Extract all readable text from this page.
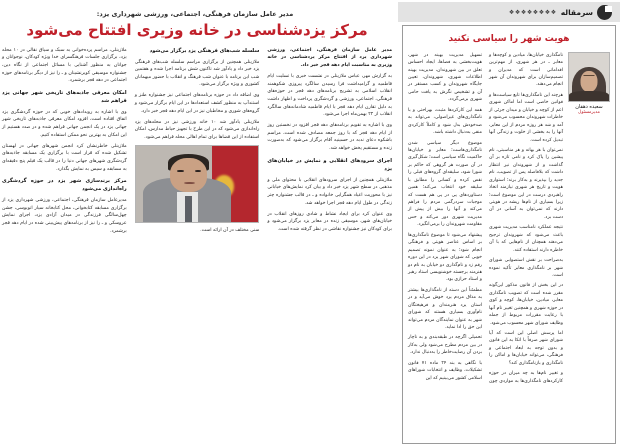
مدیر عامل سازمان فرهنگی، اجتماعی، ورزشی شهرداری یزد:
مرکز یزدشناسی در خانه وزیری افتتاح می‌شود

مدیر عامل سازمان فرهنگی، اجتماعی، ورزشی شهرداری یزد از افتتاح مرکز یزدشناسی در خانه وزیری به مناسبت ایام دهه فجر خبر داد.

به گزارش مهر، عباس ملازینلی در نشست خبری با تسلیت ایام فاطمیه و گرامیداشت فرا رسیدن سالگرد پیروزی شکوهمند انقلاب اسلامی به تشریح برنامه‌های دهه فجر در حوزه‌های فرهنگی، اجتماعی، ورزشی و گردشگری پرداخت و اظهار داشت به دلیل تقارن ایام دهه فجر با ایام فاطمیه شادمانه‌های سالگرد انقلاب از ۲۲ بهمن‌ماه اجرا می‌شود.

وی با اشاره به تقویم برنامه‌های دهه فجر افزود در نخستین روز از ایام دهه فجر که با روز جمعه مصادف شده است، مراسم باشکوه دعای ندبه در حسینیه آقام برگزار می‌شود که به‌صورت زنده و مستقیم پخش خواهد شد.

اجرای سرودهای انقلابی و نمایش در خیابان‌های یزد

ملازینلی همچنین از اجرای سرودهای انقلابی با محتوای ملی و مذهبی در سطح شهر یزد خبر داد و بیان کرد نمایش‌های خیابانی نیز با محوریت اعیاد همگرایی خانواده و ـ در قالب جشنواره چتر زندگی در طول ایام دهه فجر اجرا خواهد شد.

وی عنوان کرد برای ایجاد نشاط و شادی روزهای انقلاب در خیابان‌های شهر، موسیقی زنده در معابر یزد برگزار می‌شود و برای کودکان نیز جشنواره نقاشی در نظر گرفته شده است.

سلسله شب‌های فرهنگی یزد برگزار می‌شود

ملازینلی همچنین از برگزاری مراسم سلسله شب‌های فرهنگی یزد خبر داد و یادآور شد تاکنون شش برنامه اجرا شده و هفتمین شب این برنامه با عنوان شب فرهنگ و انقلاب با حضور میهمانان کشوری و ویژه برگزار می‌شود.

وی اضافه داد در حوزه برنامه‌های اجتماعی نیز جشنواره طنز و استندآپ به منظور کشف استعدادها در این ایام برگزار می‌شود و گروه‌های شوری و مخاطبان نیز در این ایام دهه فجر خبر دارد.

ملازینلی یادآور شد ۱۰ خانه ورزشی نیز در محله‌های یزد راه‌اندازی می‌شود که در این طرح با تجهیز حیاط مدارس، امکان استفاده از این فضاها برای تمام اهالی محله فراهم می‌شود.

سنی مختلف در آن ارائه است.

ملازینلی، مراسم پرده‌خوانی به سبک و سیاق نقالی در ۱۰ محله یزد، برگزاری جلسات فرهنگسرای خدا ویژه کودکان، نوجوانان و جوانان به منظور آشنایی با مسائل اجتماعی از نگاه دین، جشنواره موسیقی کویرنشینان و ـ را نیز از دیگر برنامه‌های حوزه اجتماعی در دهه فجر برشمرد.

امکان معرفی جاذبه‌های تاریخی شهر جهانی یزد فراهم شد

وی با اشاره به رویدادهای خوبی که در حوزه گردشگری یزد اتفاق افتاده است، افزود امکان معرفی جاذبه‌های تاریخی شهر جهانی یزد در یک انجمن جهانی فراهم شده و در صدد هستیم از این امکان به بهترین نحو ممکن استفاده کنیم.

ملازینلی خاطرنشان کرد انجمن شهرهای جهانی در لهستان تشکیل شده که قرار است با برگزاری یک مسابقه جاذبه‌های گردشگری شهرهای جهانی دنیا را در قالب یک فیلم پنج دقیقه‌ای به مسابقه و سپس به نمایش بگذارد.

مرکز برندسازی شهر یزد در حوزه گردشگری راه‌اندازی می‌شود

مدیرعامل سازمان فرهنگی، اجتماعی، ورزشی شهرداری یزد از برگزاری مسابقه کتابخوانی، محل کتابخانه سیار اتوبوسی، جشن چهل‌سالگی فرزندگی در میدان آزادی یزد، اجرای نمایش عروسکی و ـ را نیز از برنامه‌های پیش‌بینی شده در ایام دهه فجر برشمرد.

سرمقاله
❖❖❖❖❖❖❖❖
هویت شهر را سیاسی نکنید
سعیده دهقان
مدیرمسئول

نامگذاری خیابان‌ها، میادین و کوچه‌ها و معابر ـ در هر شهری، از مهم‌ترین اقداماتی است که مدیران و تصمیم‌سازان برای شهروندان آن شهر انجام می‌دهند.

هرچند این نامگذاری‌ها تابع سیاست‌ها و قوانین خاصی است اما اماکن شهری اعم از کوچه و خیابان و میدان جزئی از خاطرات شهروندان محسوب می‌شود و آمد و شد هر روزه مردم از این معابر، آنها را به بخشی از خلوت و زندگی آنها تبدیل کرده است.

نمی‌توان با هر بهانه و هر مناسبتی، نام پیشین را پاک کرد و نامی تازه بر آن گذاشت و از شهروندان نیز انتظار داشت که بلافاصله پس از تصویب، نام جدید را بپذیرند و به‌کار برند؛ استواری هویت و تاریخ هر شهری نیازمند اتخاذ راهبردی درست در این موضوع است؛ زیرا بسیاری از نام‌ها ریشه در هویتی دارند که نمی‌توان به آسانی در آن دست برد.

نتیجه عملکرد نامناسب مدیریت شهری باعث می‌شود که شهروندان ترجیح می‌دهند همچنان از نام‌هایی که با آن خاطره دارند استفاده کنند.

به‌صراحت بر نقش استصوابی شورای شهر بر نامگذاری معابر تأکید نموده است.

در این بخش از قانون مذکور این‌گونه مقرر شده است که تصویب نامگذاری معابر، میادین، خیابان‌ها، کوچه و کوی در حوزه شهری و همچنین تغییر نام آنها با رعایت مقررات مربوط از جمله وظایف شورای شهر محسوب می‌شود.

اما پرسش اصلی این است که آیا شورای شهر صرفاً با اتکا به این قانون و بدون توجه به ابعاد اجتماعی و فرهنگی، می‌تواند خیابان‌ها و اماکن را نامگذاری و بازنامگذاری کند؟

و تغییر نام‌ها به چه میزان در حوزه کارکردهای نامگذاری‌ها به مواردی چون تسهیل مدیریت بهینه در شهر، هویت‌بخشی به فضاها، ایجاد احساس تعلق در بین شهروندان، مدیریت بهینه اطلاعات شهری، شهروندان، تعیین جایگاه شهروندان و کسب مستقر در آن و تشخیص نگرش به یافت حامی شهری برمی‌گردد.

همه این کارکردها مثبت، بهراحتی و با نامگذاری‌های غیراصولی، می‌تواند به ضدخودش بدل شود و کاملاً کارکردی منفی به‌دنبال داشته باشد.

موضوع دیگر سیاسی شدن نامگذاری‌هاست؛ معابر و خیابان‌ها حاکمیت نگاه سیاسی است؛ شکل‌گیری در آن صورت هر گروهی که حاکم بر شورا شود، سلیقه‌ای گروه‌های قبلی را نقض کرده و کسانی را مطابق با سلیقه خود انتخاب می‌کند؛ همین دستاورد‌های پی در پی هم هست که موجبات سردرگمی مردم را فراهم می‌کند و آنها را بیش از پیش از مدیریت شهری دور می‌کند و حس مقاومت شهروندان را برمی‌انگیزد.

پیشنهاد می‌شود تا موضوع نامگذاری‌ها بر اساس عناصر هویتی و فرهنگی انجام شود؛ به عنوان نمونه تصمیم خوبی که شورای شهر یزد در این دوره رقم زد و نام‌گذاری دو خیابان به نام دو هنرمند برجسته خوشنویسی استاد رهبر و استاد حرازی بود.

مطمئناً این دسته از نامگذاری‌ها بیشتر به مذاق مردم یزد خوش می‌آید و در استان یزد هنرمندان و فرهیختگان نام‌آوری بسیاری هستند که شورای شهر به عنوان نمایندگان مردم می‌تواند این حق را ادا نماید.

تحمیلی اگرچه در طبقه‌بندی و به ناچار در بین مردم مطرح می‌شود ولی به‌کار بردن آن رضایت‌خاطر را به‌دنبال ندارد.

با نگاهی به بند ۲۴ ماده ۷۱ قانون تشکیلات، وظایف و انتخابات شوراهای اسلامی کشور می‌بینیم که این
